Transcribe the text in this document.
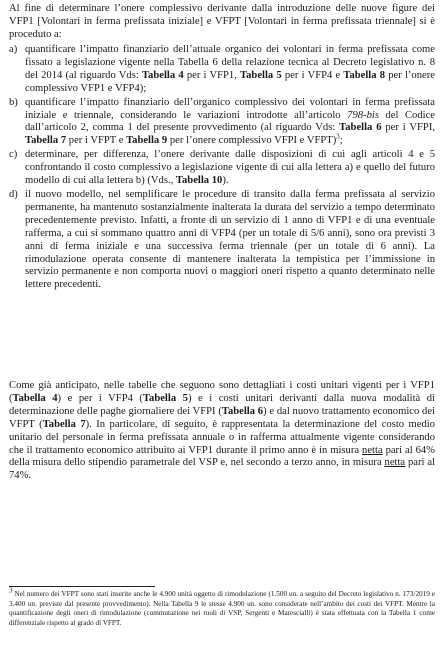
Al fine di determinare l’onere complessivo derivante dalla introduzione delle nuove figure dei VFP1 [Volontari in ferma prefissata iniziale] e VFPT [Volontari in ferma prefissata triennale] si è proceduto a:
a) quantificare l’impatto finanziario dell’attuale organico dei volontari in ferma prefissata come fissato a legislazione vigente nella Tabella 6 della relazione tecnica al Decreto legislativo n. 8 del 2014 (al riguardo Vds: Tabella 4 per i VFP1, Tabella 5 per i VFP4 e Tabella 8 per l’onere complessivo VFP1 e VFP4);
b) quantificare l’impatto finanziario dell’organico complessivo dei volontari in ferma prefissata iniziale e triennale, considerando le variazioni introdotte all’articolo 798-bis del Codice dall’articolo 2, comma 1 del presente provvedimento (al riguardo Vds: Tabella 6 per i VFPI, Tabella 7 per i VFPT e Tabella 9 per l’onere complessivo VFPI e VFPT)$^3$;
c) determinare, per differenza, l’onere derivante dalle disposizioni di cui agli articoli 4 e 5 confrontando il costo complessivo a legislazione vigente di cui alla lettera a) e quello del futuro modello di cui alla lettera b) (Vds., Tabella 10).
d) il nuovo modello, nel semplificare le procedure di transito dalla ferma prefissata al servizio permanente, ha mantenuto sostanzialmente inalterata la durata del servizio a tempo determinato precedentemente previsto. Infatti, a fronte di un servizio di 1 anno di VFP1 e di una eventuale rafferma, a cui si sommano quattro anni di VFP4 (per un totale di 5/6 anni), sono ora previsti 3 anni di ferma iniziale e una successiva ferma triennale (per un totale di 6 anni). La rimodulazione operata consente di mantenere inalterata la tempistica per l’immissione in servizio permanente e non comporta nuovi o maggiori oneri rispetto a quanto determinato nelle lettere precedenti.
Come già anticipato, nelle tabelle che seguono sono dettagliati i costi unitari vigenti per i VFP1 (Tabella 4) e per i VFP4 (Tabella 5) e i costi unitari derivanti dalla nuova modalità di determinazione delle paghe giornaliere dei VFPI (Tabella 6) e dal nuovo trattamento economico dei VFPT (Tabella 7). In particolare, di seguito, è rappresentata la determinazione del costo medio unitario del personale in ferma prefissata annuale o in rafferma attualmente vigente considerando che il trattamento economico attribuito ai VFP1 durante il primo anno è in misura netta pari al 64% della misura dello stipendio parametrale del VSP e, nel secondo a terzo anno, in misura netta pari al 74%.
$^3$ Nel numero dei VFPT sono stati inserite anche le 4.900 unità oggetto di rimodulazione (1.500 un. a seguito del Decreto legislativo n. 173/2019 e 3.400 un. previste dal presente provvedimento). Nella Tabella 9 le stesse 4.900 un. sono considerate nell’ambito dei costi dei VFPT. Mentre la quantificazione degli oneri di rimodulazione (commutazione nei ruoli di VSP, Sergenti e Marescialli) è stata effettuata con la Tabella 1 come differenziale rispetto al grado di VFPT.
